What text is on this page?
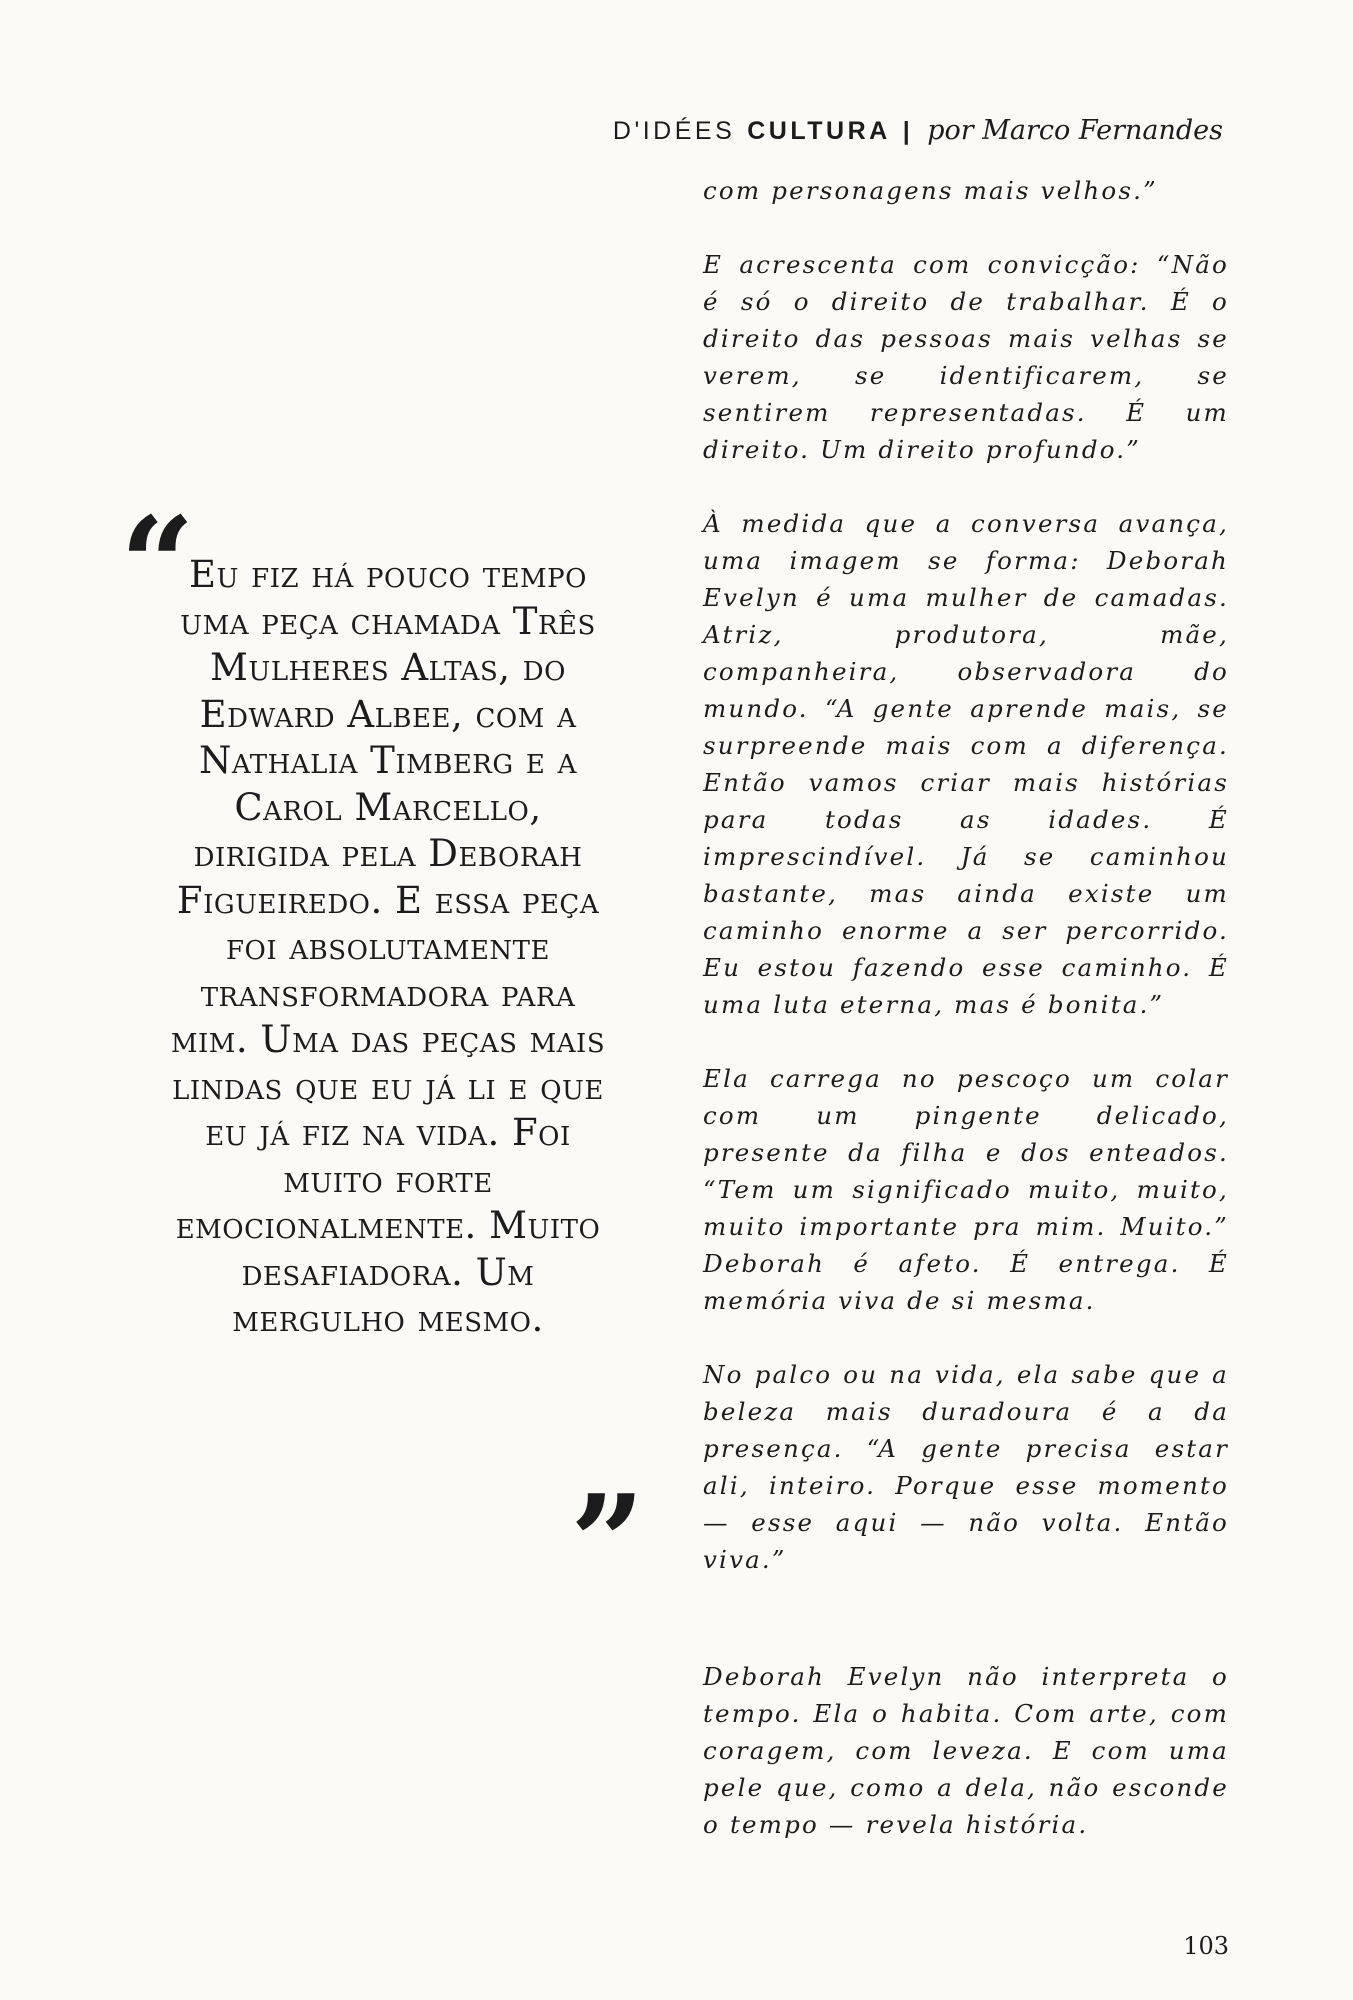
D'IDÉES CULTURA | por Marco Fernandes
“
Eu fiz há pouco tempo uma peça chamada Três Mulheres Altas, do Edward Albee, com a Nathalia Timberg e a Carol Marcello, dirigida pela Deborah Figueiredo. E essa peça foi absolutamente transformadora para mim. Uma das peças mais lindas que eu já li e que eu já fiz na vida. Foi muito forte emocionalmente. Muito desafiadora. Um mergulho mesmo.
”

com personagens mais velhos.”

E acrescenta com convicção: “Não é só o direito de trabalhar. É o direito das pessoas mais velhas se verem, se identificarem, se sentirem representadas. É um direito. Um direito profundo.”

À medida que a conversa avança, uma imagem se forma: Deborah Evelyn é uma mulher de camadas. Atriz, produtora, mãe, companheira, observadora do mundo. “A gente aprende mais, se surpreende mais com a diferença. Então vamos criar mais histórias para todas as idades. É imprescindível. Já se caminhou bastante, mas ainda existe um caminho enorme a ser percorrido. Eu estou fazendo esse caminho. É uma luta eterna, mas é bonita.”

Ela carrega no pescoço um colar com um pingente delicado, presente da filha e dos enteados. “Tem um significado muito, muito, muito importante pra mim. Muito.” Deborah é afeto. É entrega. É memória viva de si mesma.

No palco ou na vida, ela sabe que a beleza mais duradoura é a da presença. “A gente precisa estar ali, inteiro. Porque esse momento — esse aqui — não volta. Então viva.”

Deborah Evelyn não interpreta o tempo. Ela o habita. Com arte, com coragem, com leveza. E com uma pele que, como a dela, não esconde o tempo — revela história.

103
